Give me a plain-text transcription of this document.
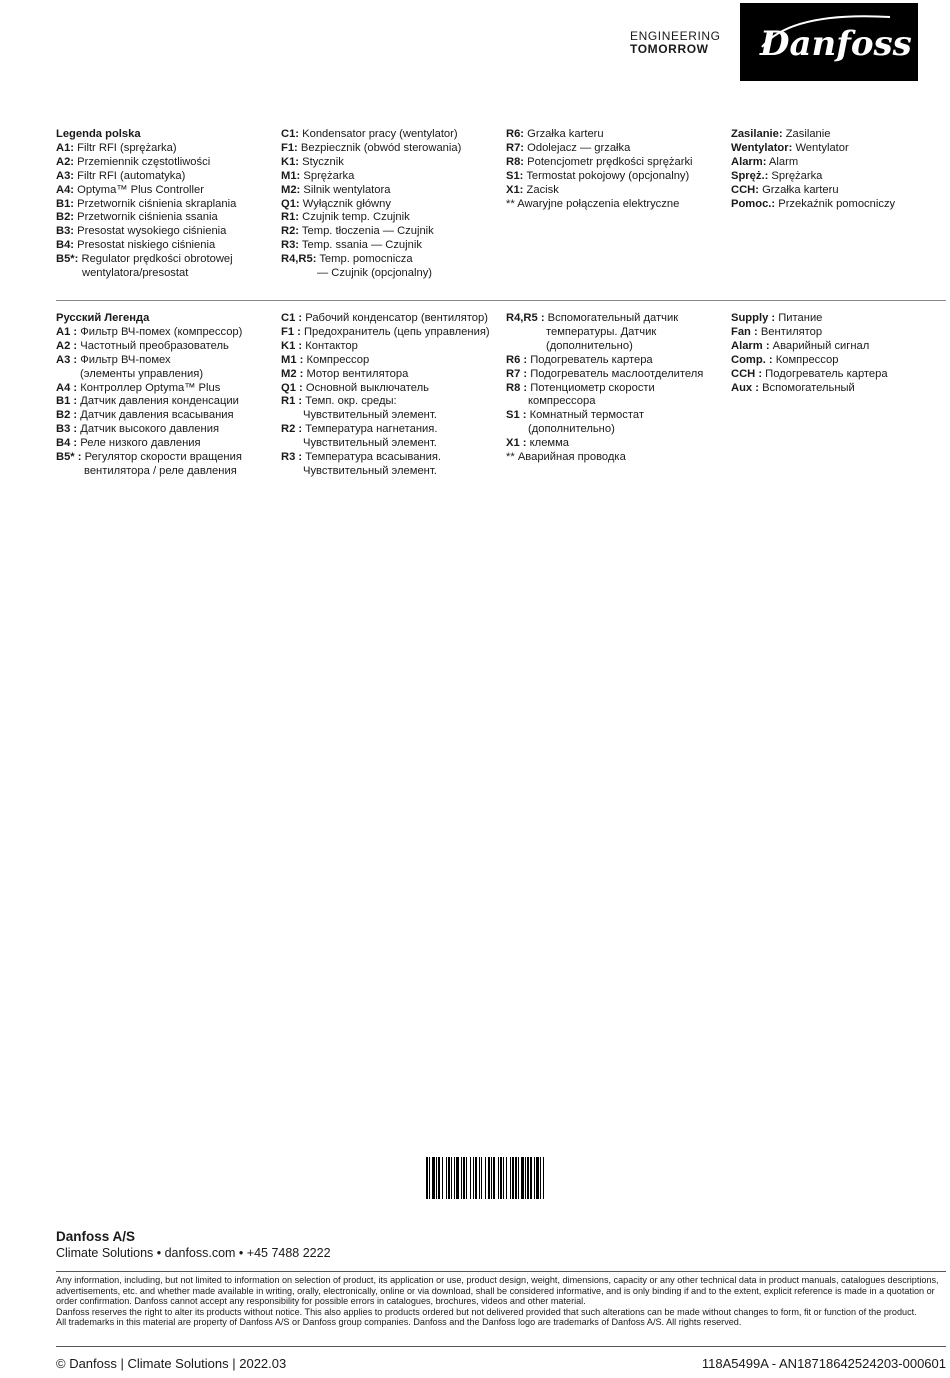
ENGINEERING
TOMORROW	Danfoss
Legenda polska
A1: Filtr RFI (sprężarka)
A2: Przemiennik częstotliwości
A3: Filtr RFI (automatyka)
A4: Optyma™ Plus Controller
B1: Przetwornik ciśnienia skraplania
B2: Przetwornik ciśnienia ssania
B3: Presostat wysokiego ciśnienia
B4: Presostat niskiego ciśnienia
B5*: Regulator prędkości obrotowej
wentylatora/presostat
C1: Kondensator pracy (wentylator)
F1: Bezpiecznik (obwód sterowania)
K1: Stycznik
M1: Sprężarka
M2: Silnik wentylatora
Q1: Wyłącznik główny
R1: Czujnik temp. Czujnik
R2: Temp. tłoczenia — Czujnik
R3: Temp. ssania — Czujnik
R4,R5: Temp. pomocnicza
— Czujnik (opcjonalny)
R6: Grzałka karteru
R7: Odolejacz — grzałka
R8: Potencjometr prędkości sprężarki
S1: Termostat pokojowy (opcjonalny)
X1: Zacisk
** Awaryjne połączenia elektryczne
Zasilanie: Zasilanie
Wentylator: Wentylator
Alarm: Alarm
Spręż.: Sprężarka
CCH: Grzałka karteru
Pomoc.: Przekaźnik pomocniczy
Русский Легенда
A1 : Фильтр ВЧ-помех (компрессор)
A2 : Частотный преобразователь
A3 : Фильтр ВЧ-помех
(элементы управления)
A4 : Контроллер Optyma™ Plus
B1 : Датчик давления конденсации
B2 : Датчик давления всасывания
B3 : Датчик высокого давления
B4 : Реле низкого давления
B5* : Регулятор скорости вращения
вентилятора / реле давления
C1 : Рабочий конденсатор (вентилятор)
F1 : Предохранитель (цепь управления)
K1 : Контактор
M1 : Компрессор
M2 : Мотор вентилятора
Q1 : Основной выключатель
R1 : Темп. окр. среды:
Чувствительный элемент.
R2 : Температура нагнетания.
Чувствительный элемент.
R3 : Температура всасывания.
Чувствительный элемент.
R4,R5 : Вспомогательный датчик
температуры. Датчик
(дополнительно)
R6 : Подогреватель картера
R7 : Подогреватель маслоотделителя
R8 : Потенциометр скорости
компрессора
S1 : Комнатный термостат
(дополнительно)
X1 : клемма
** Аварийная проводка
Supply : Питание
Fan : Вентилятор
Alarm : Аварийный сигнал
Comp. : Компрессор
CCH : Подогреватель картера
Aux : Вспомогательный
Danfoss A/S
Climate Solutions • danfoss.com • +45 7488 2222

Any information, including, but not limited to information on selection of product, its application or use, product design, weight, dimensions, capacity or any other technical data in product manuals, catalogues descriptions, advertisements, etc. and whether made available in writing, orally, electronically, online or via download, shall be considered informative, and is only binding if and to the extent, explicit reference is made in a quotation or order confirmation. Danfoss cannot accept any responsibility for possible errors in catalogues, brochures, videos and other material.

Danfoss reserves the right to alter its products without notice. This also applies to products ordered but not delivered provided that such alterations can be made without changes to form, fit or function of the product.

All trademarks in this material are property of Danfoss A/S or Danfoss group companies. Danfoss and the Danfoss logo are trademarks of Danfoss A/S. All rights reserved.

© Danfoss | Climate Solutions | 2022.03	118A5499A - AN18718642524203-000601
